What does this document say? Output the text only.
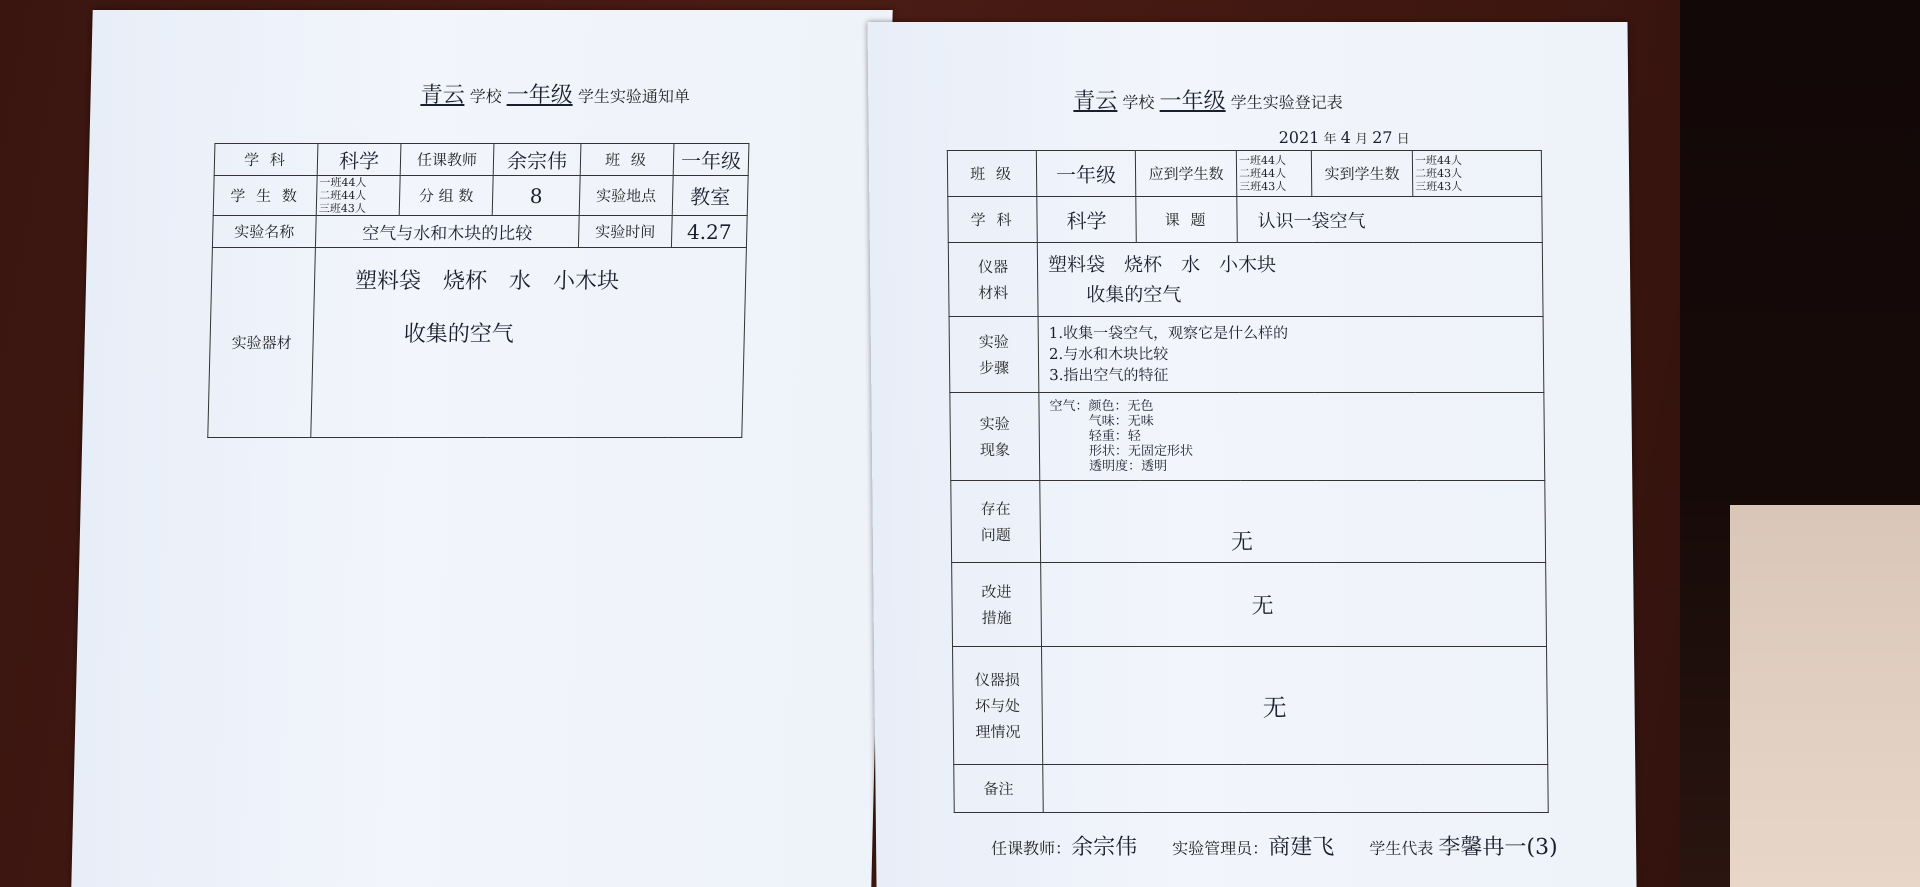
青云 学校 一年级 学生实验通知单
学 科	科学	任课教师	余宗伟	班 级	一年级
学 生 数	一班44人
二班44人
三班43人	分 组 数	8	实验地点	教室
实验名称	空气与水和木块的比较			实验时间	4.27
实验器材	塑料袋　烧杯　水　小木块
收集的空气				
青云 学校 一年级 学生实验登记表
2021 年 4 月 27 日
班 级	一年级	应到学生数	一班44人
二班44人
三班43人	实到学生数	一班44人
二班43人
三班43人
学 科	科学	课 题	认识一袋空气		
仪器
材料	塑料袋　烧杯　水　小木块
　　收集的空气				
实验
步骤	1.收集一袋空气，观察它是什么样的
2.与水和木块比较
3.指出空气的特征				
实验
现象	空气：颜色：无色
　　　气味：无味
　　　轻重：轻
　　　形状：无固定形状
　　　透明度：透明				
存在
问题	无				
改进
措施	无				
仪器损
坏与处
理情况	无				
备注					
任课教师：余宗伟 实验管理员：商建飞 学生代表 李馨冉一(3)
